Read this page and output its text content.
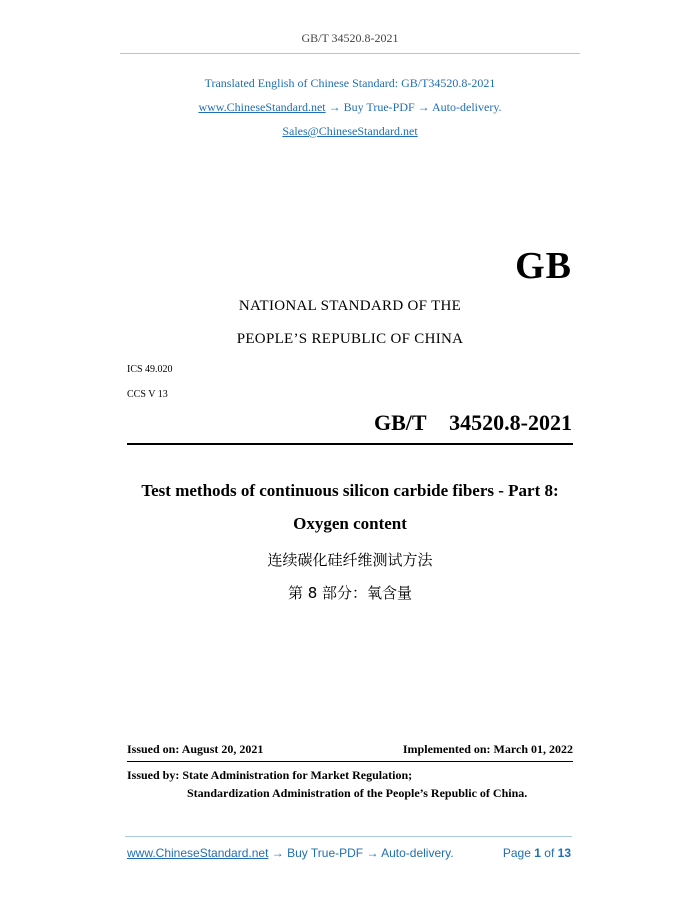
GB/T 34520.8-2021
Translated English of Chinese Standard: GB/T34520.8-2021
www.ChineseStandard.net → Buy True-PDF → Auto-delivery.
Sales@ChineseStandard.net
GB
NATIONAL STANDARD OF THE
PEOPLE’S REPUBLIC OF CHINA
ICS 49.020
CCS V 13
GB/T  34520.8-2021
Test methods of continuous silicon carbide fibers - Part 8:
Oxygen content
连续碳化硅纤维测试方法
第 8 部分：氧含量
Issued on: August 20, 2021	Implemented on: March 01, 2022
Issued by: State Administration for Market Regulation;
Standardization Administration of the People’s Republic of China.
www.ChineseStandard.net → Buy True-PDF → Auto-delivery.	Page 1 of 13
